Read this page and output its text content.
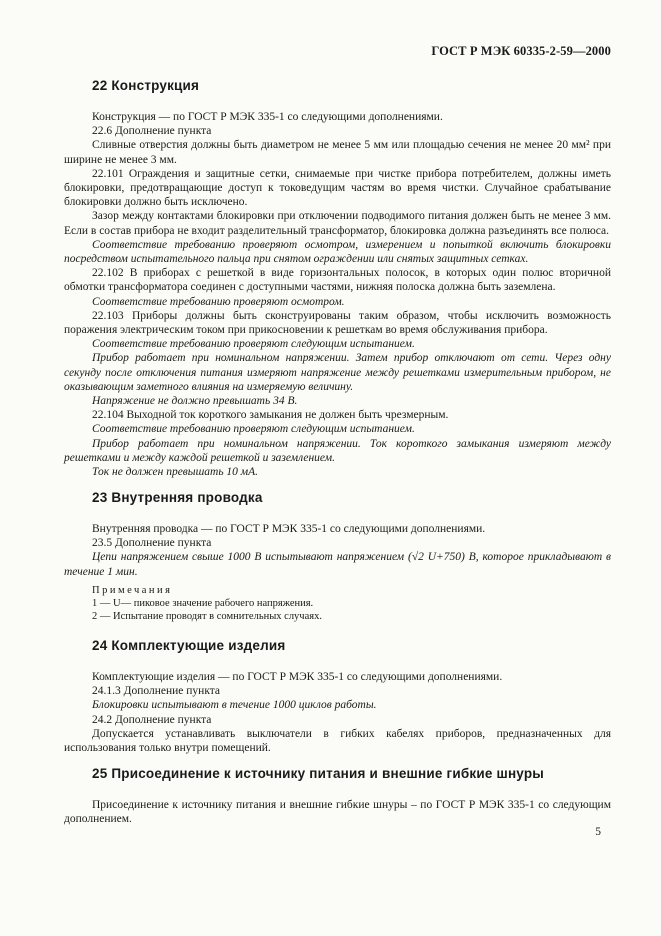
ГОСТ Р МЭК 60335-2-59—2000
22 Конструкция

Конструкция — по ГОСТ Р МЭК 335-1 со следующими дополнениями.

22.6 Дополнение пункта

Сливные отверстия должны быть диаметром не менее 5 мм или площадью сечения не менее 20 мм² при ширине не менее 3 мм.

22.101 Ограждения и защитные сетки, снимаемые при чистке прибора потребителем, должны иметь блокировки, предотвращающие доступ к токоведущим частям во время чистки. Случайное срабатывание блокировки должно быть исключено.

Зазор между контактами блокировки при отключении подводимого питания должен быть не менее 3 мм. Если в состав прибора не входит разделительный трансформатор, блокировка должна разъединять все полюса.

Соответствие требованию проверяют осмотром, измерением и попыткой включить блокировки посредством испытательного пальца при снятом ограждении или снятых защитных сетках.

22.102 В приборах с решеткой в виде горизонтальных полосок, в которых один полюс вторичной обмотки трансформатора соединен с доступными частями, нижняя полоска должна быть заземлена.

Соответствие требованию проверяют осмотром.

22.103 Приборы должны быть сконструированы таким образом, чтобы исключить возможность поражения электрическим током при прикосновении к решеткам во время обслуживания прибора.

Соответствие требованию проверяют следующим испытанием.

Прибор работает при номинальном напряжении. Затем прибор отключают от сети. Через одну секунду после отключения питания измеряют напряжение между решетками измерительным прибором, не оказывающим заметного влияния на измеряемую величину.

Напряжение не должно превышать 34 В.

22.104 Выходной ток короткого замыкания не должен быть чрезмерным.

Соответствие требованию проверяют следующим испытанием.

Прибор работает при номинальном напряжении. Ток короткого замыкания измеряют между решетками и между каждой решеткой и заземлением.

Ток не должен превышать 10 мА.

23 Внутренняя проводка

Внутренняя проводка — по ГОСТ Р МЭК 335-1 со следующими дополнениями.

23.5 Дополнение пункта

Цепи напряжением свыше 1000 В испытывают напряжением (√2 U+750) В, которое прикладывают в течение 1 мин.

Примечания
1 — U— пиковое значение рабочего напряжения.
2 — Испытание проводят в сомнительных случаях.
24 Комплектующие изделия

Комплектующие изделия — по ГОСТ Р МЭК 335-1 со следующими дополнениями.

24.1.3 Дополнение пункта

Блокировки испытывают в течение 1000 циклов работы.

24.2 Дополнение пункта

Допускается устанавливать выключатели в гибких кабелях приборов, предназначенных для использования только внутри помещений.

25 Присоединение к источнику питания и внешние гибкие шнуры

Присоединение к источнику питания и внешние гибкие шнуры – по ГОСТ Р МЭК 335-1 со следующим дополнением.

5
